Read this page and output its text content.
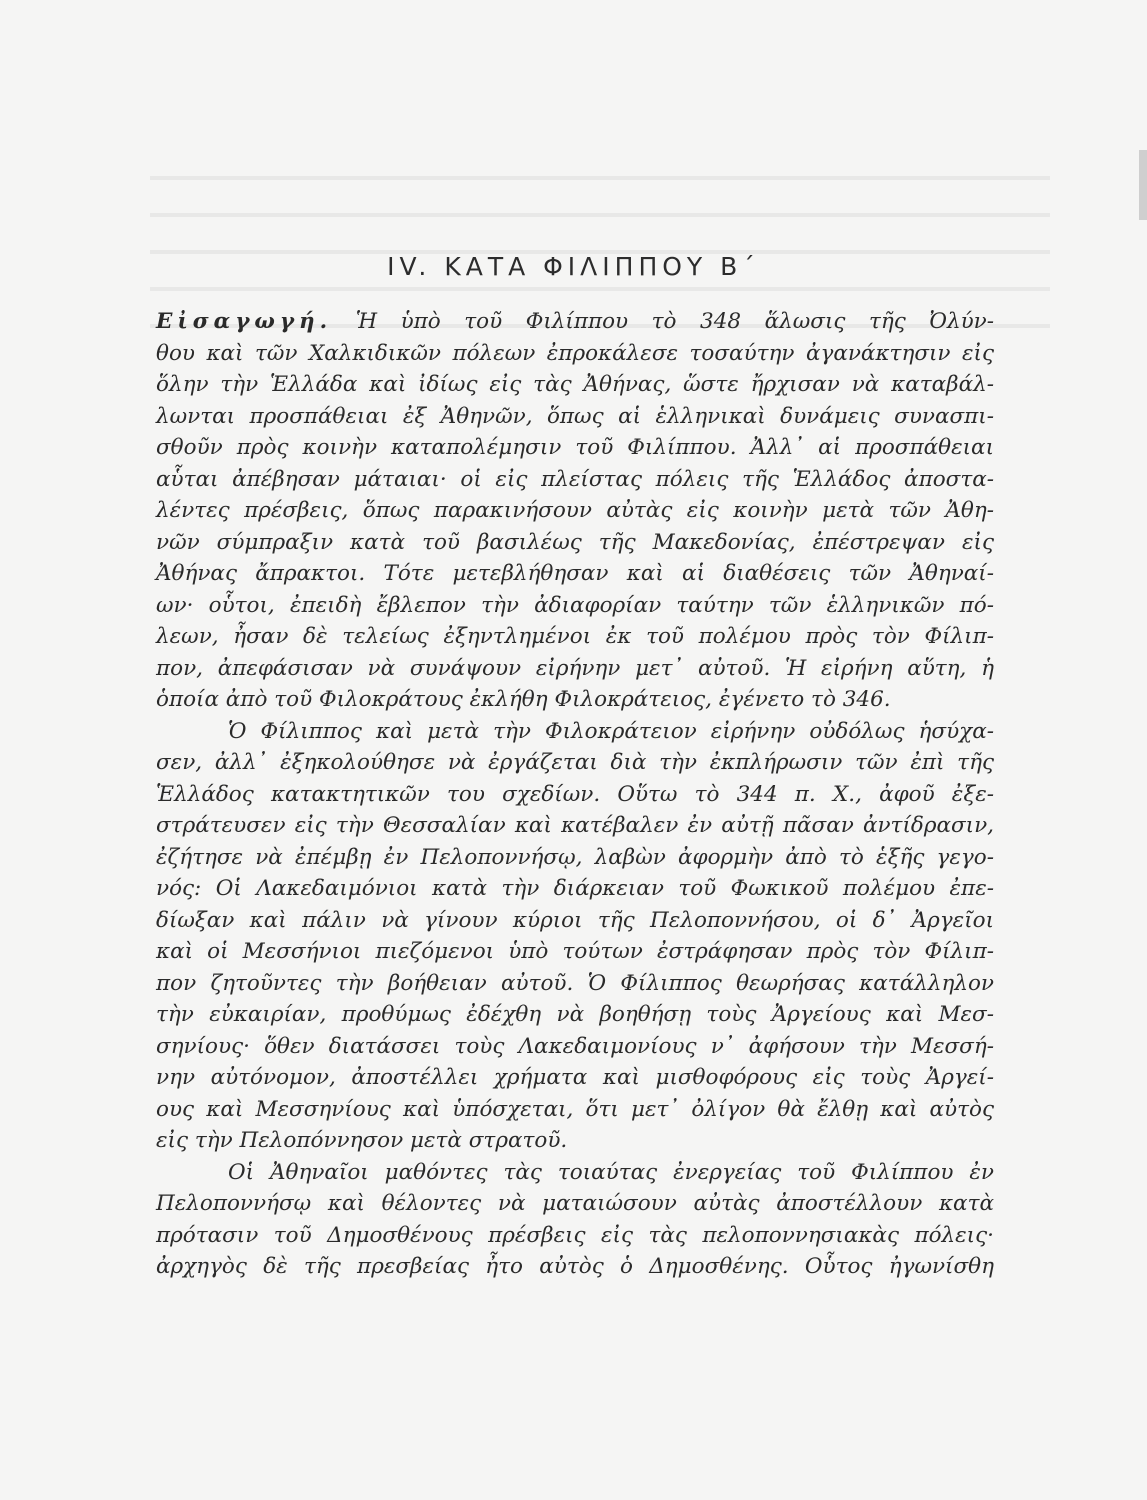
IV. ΚΑΤΑ ΦΙΛΙΠΠΟΥ Β΄

Εἰσαγωγή. Ἡ ὑπὸ τοῦ Φιλίππου τὸ 348 ἅλωσις τῆς Ὀλύν-
θου καὶ τῶν Χαλκιδικῶν πόλεων ἐπροκάλεσε τοσαύτην ἀγανάκτησιν εἰς
ὅλην τὴν Ἑλλάδα καὶ ἰδίως εἰς τὰς Ἀθήνας, ὥστε ἤρχισαν νὰ καταβάλ-
λωνται προσπάθειαι ἐξ Ἀθηνῶν, ὅπως αἱ ἑλληνικαὶ δυνάμεις συνασπι-
σθοῦν πρὸς κοινὴν καταπολέμησιν τοῦ Φιλίππου. Ἀλλ᾽ αἱ προσπάθειαι
αὗται ἀπέβησαν μάταιαι· οἱ εἰς πλείστας πόλεις τῆς Ἑλλάδος ἀποστα-
λέντες πρέσβεις, ὅπως παρακινήσουν αὐτὰς εἰς κοινὴν μετὰ τῶν Ἀθη-
νῶν σύμπραξιν κατὰ τοῦ βασιλέως τῆς Μακεδονίας, ἐπέστρεψαν εἰς
Ἀθήνας ἄπρακτοι. Τότε μετεβλήθησαν καὶ αἱ διαθέσεις τῶν Ἀθηναί-
ων· οὗτοι, ἐπειδὴ ἔβλεπον τὴν ἀδιαφορίαν ταύτην τῶν ἑλληνικῶν πό-
λεων, ἦσαν δὲ τελείως ἐξηντλημένοι ἐκ τοῦ πολέμου πρὸς τὸν Φίλιπ-
πον, ἀπεφάσισαν νὰ συνάψουν εἰρήνην μετ᾽ αὐτοῦ. Ἡ εἰρήνη αὕτη, ἡ
ὁποία ἀπὸ τοῦ Φιλοκράτους ἐκλήθη Φιλοκράτειος, ἐγένετο τὸ 346.

Ὁ Φίλιππος καὶ μετὰ τὴν Φιλοκράτειον εἰρήνην οὐδόλως ἡσύχα-
σεν, ἀλλ᾽ ἐξηκολούθησε νὰ ἐργάζεται διὰ τὴν ἐκπλήρωσιν τῶν ἐπὶ τῆς
Ἑλλάδος κατακτητικῶν του σχεδίων. Οὕτω τὸ 344 π. Χ., ἀφοῦ ἐξε-
στράτευσεν εἰς τὴν Θεσσαλίαν καὶ κατέβαλεν ἐν αὐτῇ πᾶσαν ἀντίδρασιν,
ἐζήτησε νὰ ἐπέμβῃ ἐν Πελοποννήσῳ, λαβὼν ἀφορμὴν ἀπὸ τὸ ἑξῆς γεγο-
νός: Οἱ Λακεδαιμόνιοι κατὰ τὴν διάρκειαν τοῦ Φωκικοῦ πολέμου ἐπε-
δίωξαν καὶ πάλιν νὰ γίνουν κύριοι τῆς Πελοποννήσου, οἱ δ᾽ Ἀργεῖοι
καὶ οἱ Μεσσήνιοι πιεζόμενοι ὑπὸ τούτων ἐστράφησαν πρὸς τὸν Φίλιπ-
πον ζητοῦντες τὴν βοήθειαν αὐτοῦ. Ὁ Φίλιππος θεωρήσας κατάλληλον
τὴν εὐκαιρίαν, προθύμως ἐδέχθη νὰ βοηθήσῃ τοὺς Ἀργείους καὶ Μεσ-
σηνίους· ὅθεν διατάσσει τοὺς Λακεδαιμονίους ν᾽ ἀφήσουν τὴν Μεσσή-
νην αὐτόνομον, ἀποστέλλει χρήματα καὶ μισθοφόρους εἰς τοὺς Ἀργεί-
ους καὶ Μεσσηνίους καὶ ὑπόσχεται, ὅτι μετ᾽ ὀλίγον θὰ ἔλθῃ καὶ αὐτὸς
εἰς τὴν Πελοπόννησον μετὰ στρατοῦ.

Οἱ Ἀθηναῖοι μαθόντες τὰς τοιαύτας ἐνεργείας τοῦ Φιλίππου ἐν
Πελοποννήσῳ καὶ θέλοντες νὰ ματαιώσουν αὐτὰς ἀποστέλλουν κατὰ
πρότασιν τοῦ Δημοσθένους πρέσβεις εἰς τὰς πελοποννησιακὰς πόλεις·
ἀρχηγὸς δὲ τῆς πρεσβείας ἦτο αὐτὸς ὁ Δημοσθένης. Οὗτος ἠγωνίσθη
